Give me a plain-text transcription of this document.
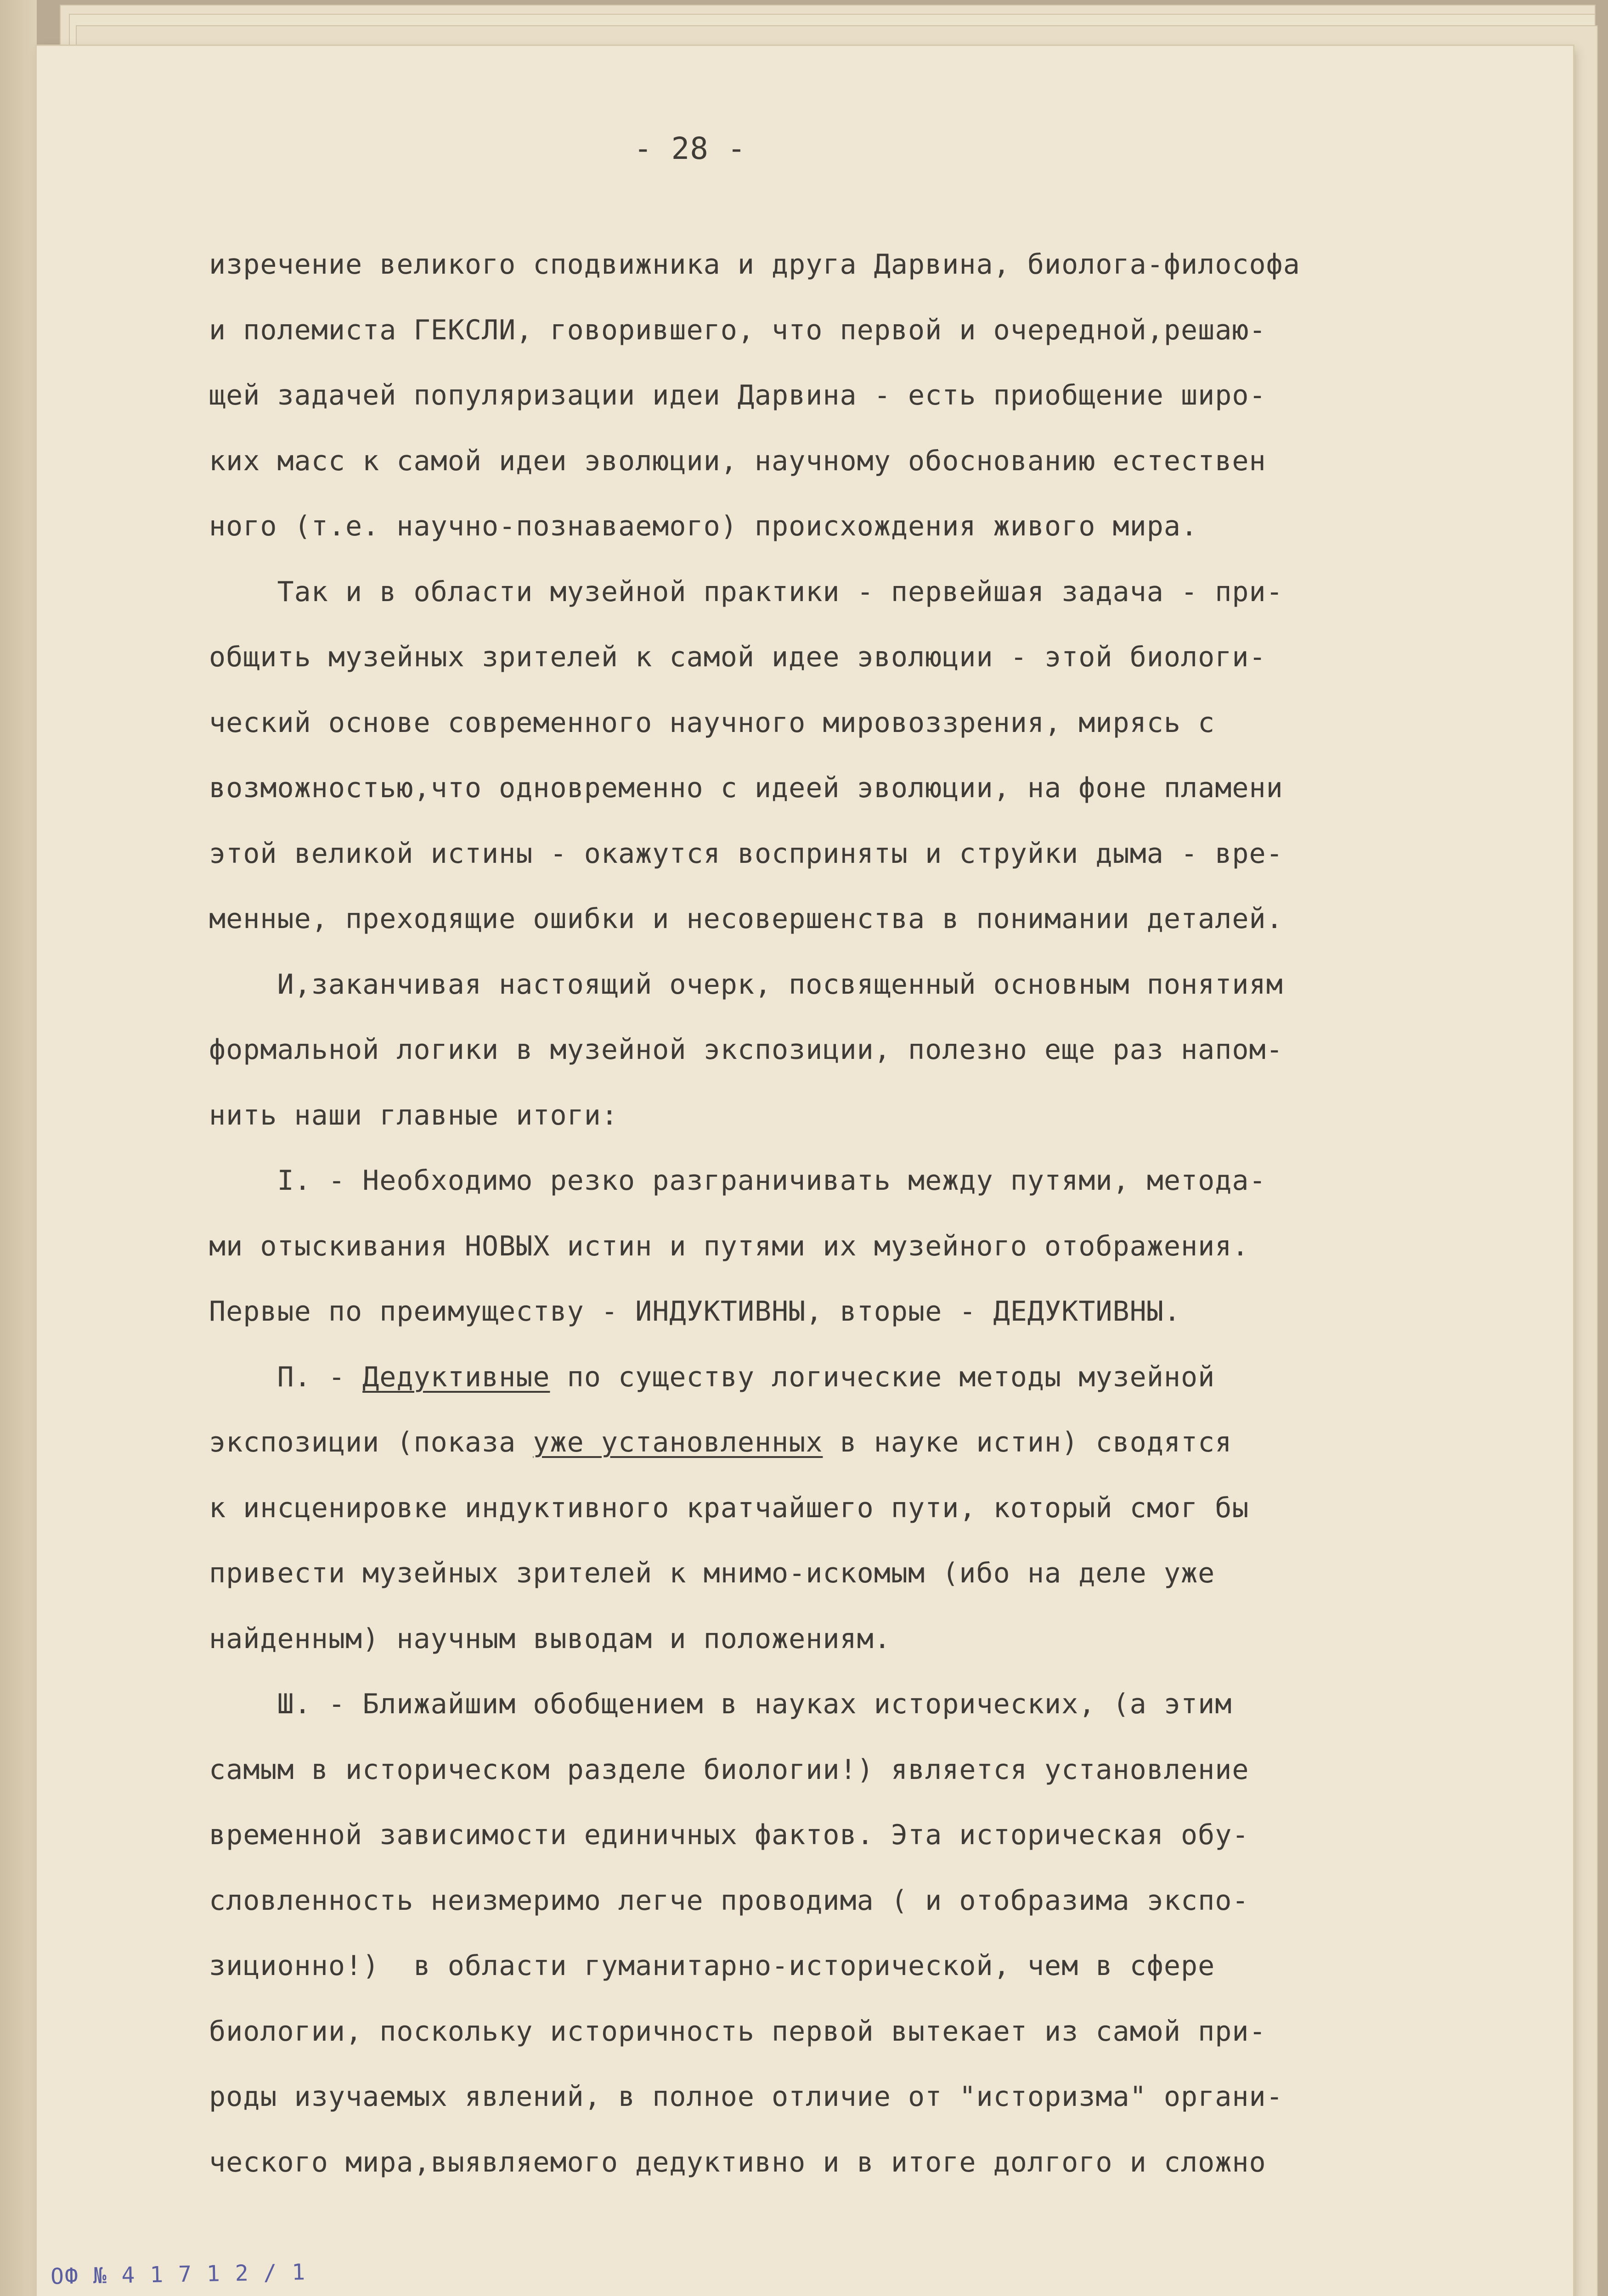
- 28 -
изречение великого сподвижника и друга Дарвина, биолога-философа
и полемиста ГЕКСЛИ, говорившего, что первой и очередной,решаю-
щей задачей популяризации идеи Дарвина - есть приобщение широ-
ких масс к самой идеи эволюции, научному обоснованию естествен
ного (т.е. научно-познаваемого) происхождения живого мира.
Так и в области музейной практики - первейшая задача - при-
общить музейных зрителей к самой идее эволюции - этой биологи-
ческий основе современного научного мировоззрения, мирясь с
возможностью,что одновременно с идеей эволюции, на фоне пламени
этой великой истины - окажутся восприняты и струйки дыма - вре-
менные, преходящие ошибки и несовершенства в понимании деталей.
И,заканчивая настоящий очерк, посвященный основным понятиям
формальной логики в музейной экспозиции, полезно еще раз напом-
нить наши главные итоги:
I. - Необходимо резко разграничивать между путями, методa-
ми отыскивания НОВЫХ истин и путями их музейного отображения.
Первые по преимуществу - ИНДУКТИВНЫ, вторые - ДЕДУКТИВНЫ.
П. - Дедуктивные по существу логические методы музейной
экспозиции (показа уже установленных в науке истин) сводятся
к инсценировке индуктивного кратчайшего пути, который смог бы
привести музейных зрителей к мнимо-искомым (ибо на деле уже
найденным) научным выводам и положениям.
Ш. - Ближайшим обобщением в науках исторических, (а этим
самым в историческом разделе биологии!) является установление
временной зависимости единичных фактов. Эта историческая обу-
словленность неизмеримо легче проводима ( и отобразима экспо-
зиционно!)  в области гуманитарно-исторической, чем в сфере
биологии, поскольку историчность первой вытекает из самой при-
роды изучаемых явлений, в полное отличие от "историзма" органи-
ческого мира,выявляемого дедуктивно и в итоге долгого и сложно
ОФ № 4 1 7 1 2 / 1
